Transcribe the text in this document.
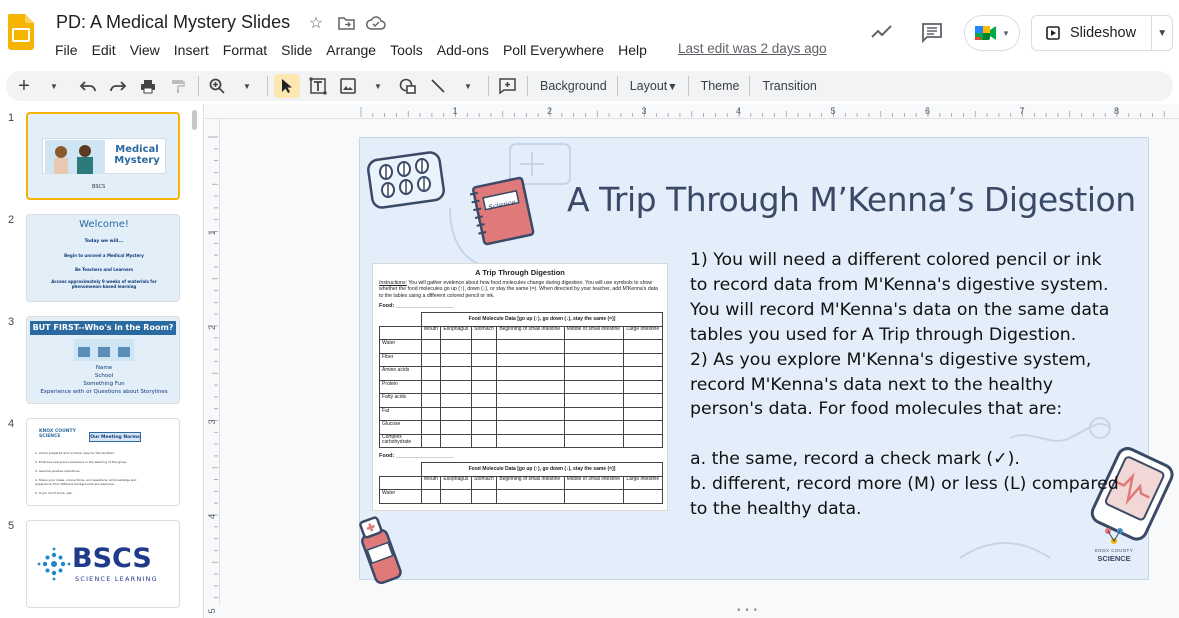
PD: A Medical Mystery Slides ☆
File	Edit	View	Insert	Format	Slide	Arrange	Tools	Add-ons	Poll Everywhere	Help	Last edit was 2 days ago
▼	Slideshow	▼
+	▼	▼	▼	▼	Background	Layout▼	Theme	Transition
1
Medical Mystery
BSCS
2	Welcome!
Today we will...
Begin to unravel a Medical Mystery
Be Teachers and Learners
Access approximately 9 weeks of materials for phenomenon-based learning
3	BUT FIRST--Who's in the Room?
Name
School
Something Fun
Experience with or Questions about Storylines
4
KNOX COUNTY SCIENCE	Our Meeting Norms
1. Arrive prepared and on time; stay for the duration.
2. Embrace everyone's presence in the learning of the group.
3. Assume positive intentions.
4. Share your ideas, connections, and questions; all knowledge and experience from different backgrounds are welcome.
5. If you don't know, ask.
5
BSCS
SCIENCE LEARNING
1	2	3	4	5	6	7	8
1
2
3
4
5
Science A Trip Through M’Kenna’s Digestion
A Trip Through Digestion
Instructions: You will gather evidence about how food molecules change during digestion. You will use symbols to show whether the food molecules go up (↑), down (↓), or stay the same (=). When directed by your teacher, add M'Kenna's data to the tables using a different colored pencil or ink.
Food: ___________________
	Food Molecule Data [go up (↑), go down (↓), stay the same (=)]					
	Mouth	Esophagus	Stomach	Beginning of small intestine	Middle of small intestine	Large intestine
Water						
Fiber						
Amino acids						
Protein						
Fatty acids						
Fat						
Glucose						
Complex carbohydrate						
Food: ___________________
	Food Molecule Data [go up (↑), go down (↓), stay the same (=)]					
	Mouth	Esophagus	Stomach	Beginning of small intestine	Middle of small intestine	Large intestine
Water						

1) You will need a different colored pencil or ink to record data from M'Kenna's digestive system. You will record M'Kenna's data on the same data tables you used for A Trip through Digestion.

2) As you explore M'Kenna's digestive system, record M'Kenna's data next to the healthy person's data. For food molecules that are:

a. the same, record a check mark (✓).

b. different, record more (M) or less (L) compared to the healthy data.

KNOX COUNTY
SCIENCE
• • •
